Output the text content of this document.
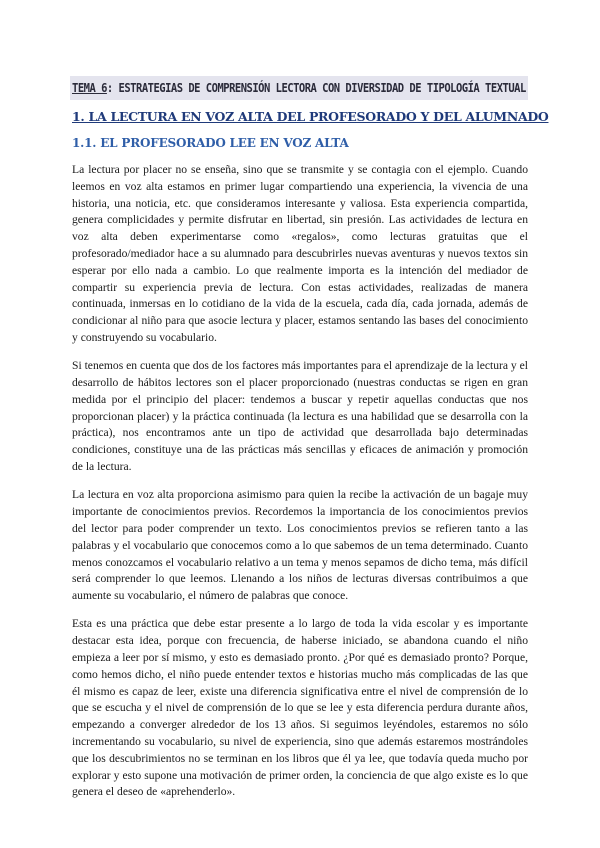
TEMA 6: ESTRATEGIAS DE COMPRENSIÓN LECTORA CON DIVERSIDAD DE TIPOLOGÍA TEXTUAL
1. LA LECTURA EN VOZ ALTA DEL PROFESORADO Y DEL ALUMNADO
1.1. EL PROFESORADO LEE EN VOZ ALTA

La lectura por placer no se enseña, sino que se transmite y se contagia con el ejemplo. Cuando leemos en voz alta estamos en primer lugar compartiendo una experiencia, la vivencia de una historia, una noticia, etc. que consideramos interesante y valiosa. Esta experiencia compartida, genera complicidades y permite disfrutar en libertad, sin presión. Las actividades de lectura en voz alta deben experimentarse como «regalos», como lecturas gratuitas que el profesorado/mediador hace a su alumnado para descubrirles nuevas aventuras y nuevos textos sin esperar por ello nada a cambio. Lo que realmente importa es la intención del mediador de compartir su experiencia previa de lectura. Con estas actividades, realizadas de manera continuada, inmersas en lo cotidiano de la vida de la escuela, cada día, cada jornada, además de condicionar al niño para que asocie lectura y placer, estamos sentando las bases del conocimiento y construyendo su vocabulario.

Si tenemos en cuenta que dos de los factores más importantes para el aprendizaje de la lectura y el desarrollo de hábitos lectores son el placer proporcionado (nuestras conductas se rigen en gran medida por el principio del placer: tendemos a buscar y repetir aquellas conductas que nos proporcionan placer) y la práctica continuada (la lectura es una habilidad que se desarrolla con la práctica), nos encontramos ante un tipo de actividad que desarrollada bajo determinadas condiciones, constituye una de las prácticas más sencillas y eficaces de animación y promoción de la lectura.

La lectura en voz alta proporciona asimismo para quien la recibe la activación de un bagaje muy importante de conocimientos previos. Recordemos la importancia de los conocimientos previos del lector para poder comprender un texto. Los conocimientos previos se refieren tanto a las palabras y el vocabulario que conocemos como a lo que sabemos de un tema determinado. Cuanto menos conozcamos el vocabulario relativo a un tema y menos sepamos de dicho tema, más difícil será comprender lo que leemos. Llenando a los niños de lecturas diversas contribuimos a que aumente su vocabulario, el número de palabras que conoce.

Esta es una práctica que debe estar presente a lo largo de toda la vida escolar y es importante destacar esta idea, porque con frecuencia, de haberse iniciado, se abandona cuando el niño empieza a leer por sí mismo, y esto es demasiado pronto. ¿Por qué es demasiado pronto? Porque, como hemos dicho, el niño puede entender textos e historias mucho más complicadas de las que él mismo es capaz de leer, existe una diferencia significativa entre el nivel de comprensión de lo que se escucha y el nivel de comprensión de lo que se lee y esta diferencia perdura durante años, empezando a converger alrededor de los 13 años. Si seguimos leyéndoles, estaremos no sólo incrementando su vocabulario, su nivel de experiencia, sino que además estaremos mostrándoles que los descubrimientos no se terminan en los libros que él ya lee, que todavía queda mucho por explorar y esto supone una motivación de primer orden, la conciencia de que algo existe es lo que genera el deseo de «aprehenderlo».
